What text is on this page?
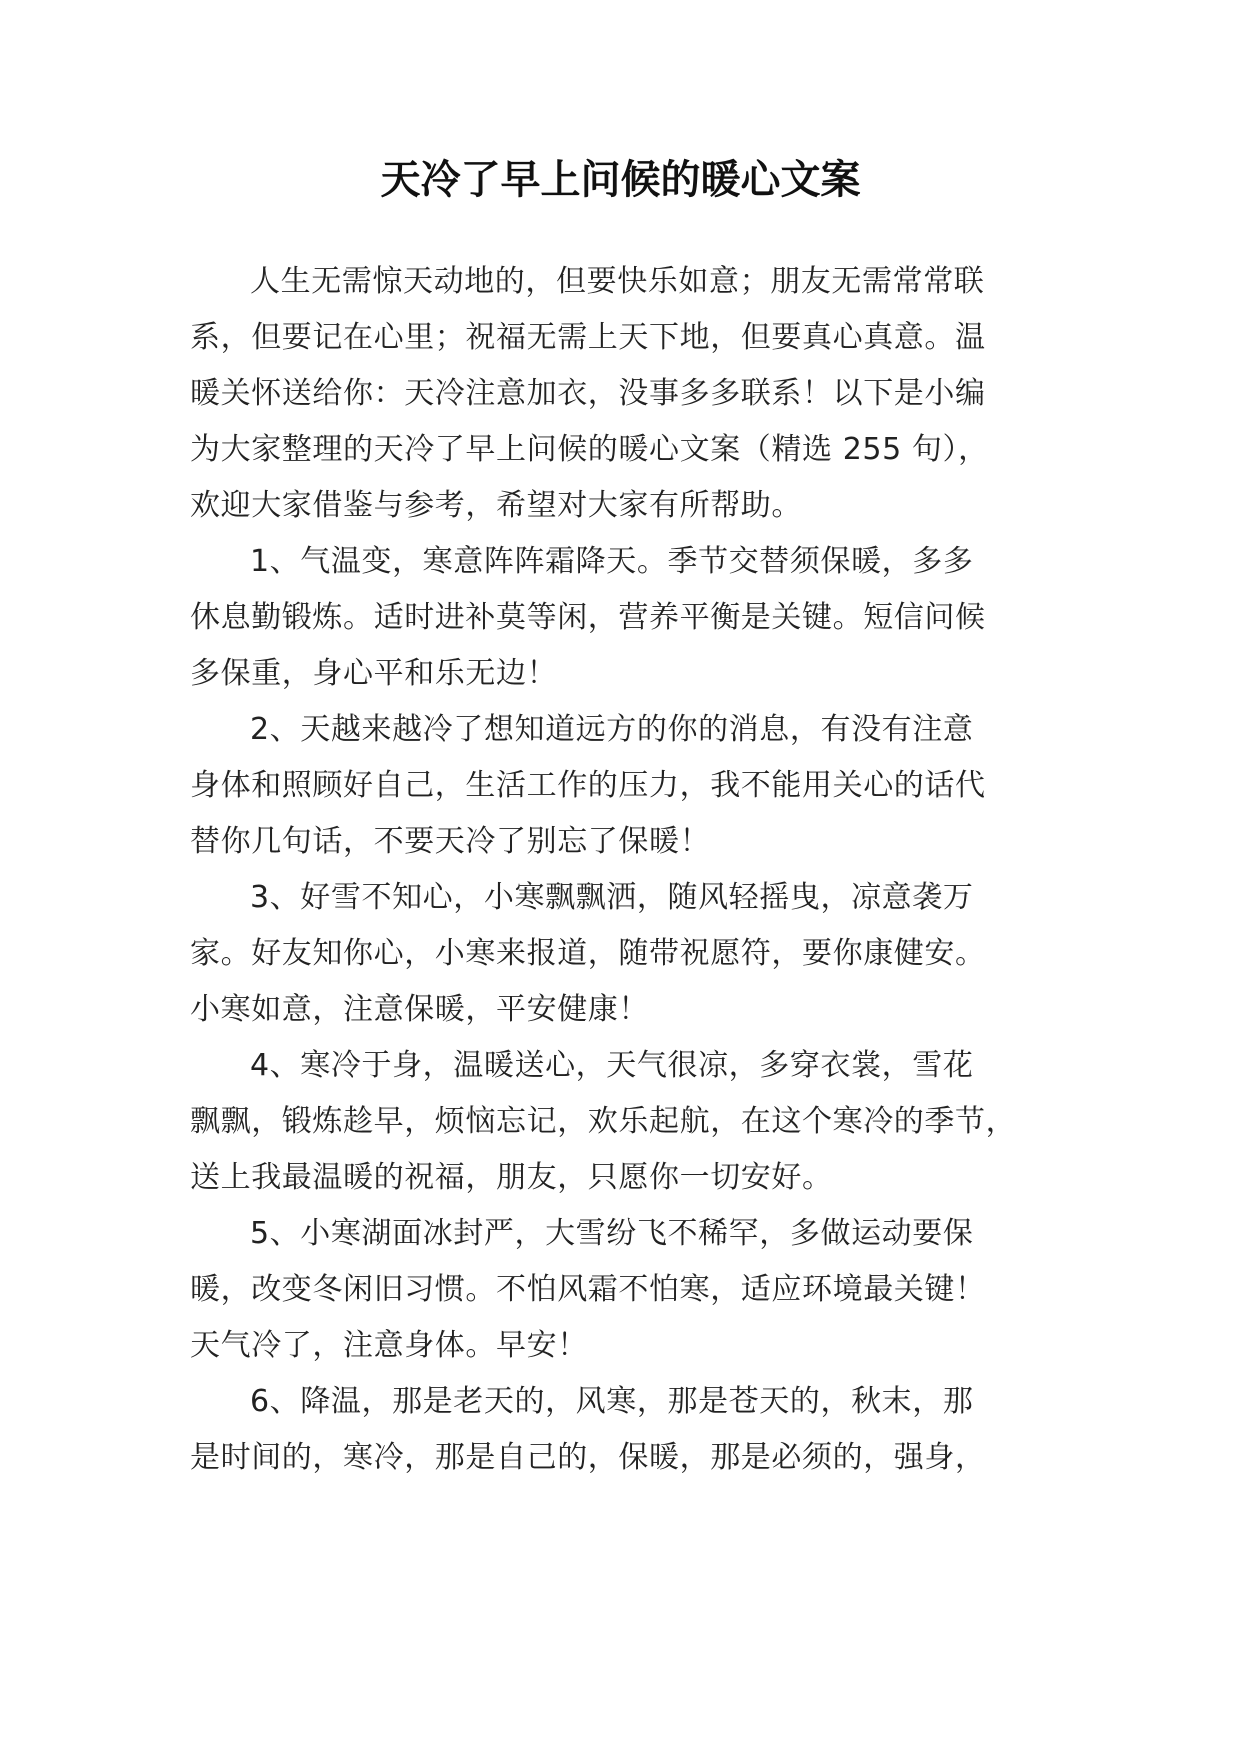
天冷了早上问候的暖心文案
人生无需惊天动地的，但要快乐如意；朋友无需常常联
系，但要记在心里；祝福无需上天下地，但要真心真意。温
暖关怀送给你：天冷注意加衣，没事多多联系！以下是小编
为大家整理的天冷了早上问候的暖心文案（精选 255 句），
欢迎大家借鉴与参考，希望对大家有所帮助。
1、气温变，寒意阵阵霜降天。季节交替须保暖，多多
休息勤锻炼。适时进补莫等闲，营养平衡是关键。短信问候
多保重，身心平和乐无边！
2、天越来越冷了想知道远方的你的消息，有没有注意
身体和照顾好自己，生活工作的压力，我不能用关心的话代
替你几句话，不要天冷了别忘了保暖！
3、好雪不知心，小寒飘飘洒，随风轻摇曳，凉意袭万
家。好友知你心，小寒来报道，随带祝愿符，要你康健安。
小寒如意，注意保暖，平安健康！
4、寒冷于身，温暖送心，天气很凉，多穿衣裳，雪花
飘飘，锻炼趁早，烦恼忘记，欢乐起航，在这个寒冷的季节，
送上我最温暖的祝福，朋友，只愿你一切安好。
5、小寒湖面冰封严，大雪纷飞不稀罕，多做运动要保
暖，改变冬闲旧习惯。不怕风霜不怕寒，适应环境最关键！
天气冷了，注意身体。早安！
6、降温，那是老天的，风寒，那是苍天的，秋末，那
是时间的，寒冷，那是自己的，保暖，那是必须的，强身，
